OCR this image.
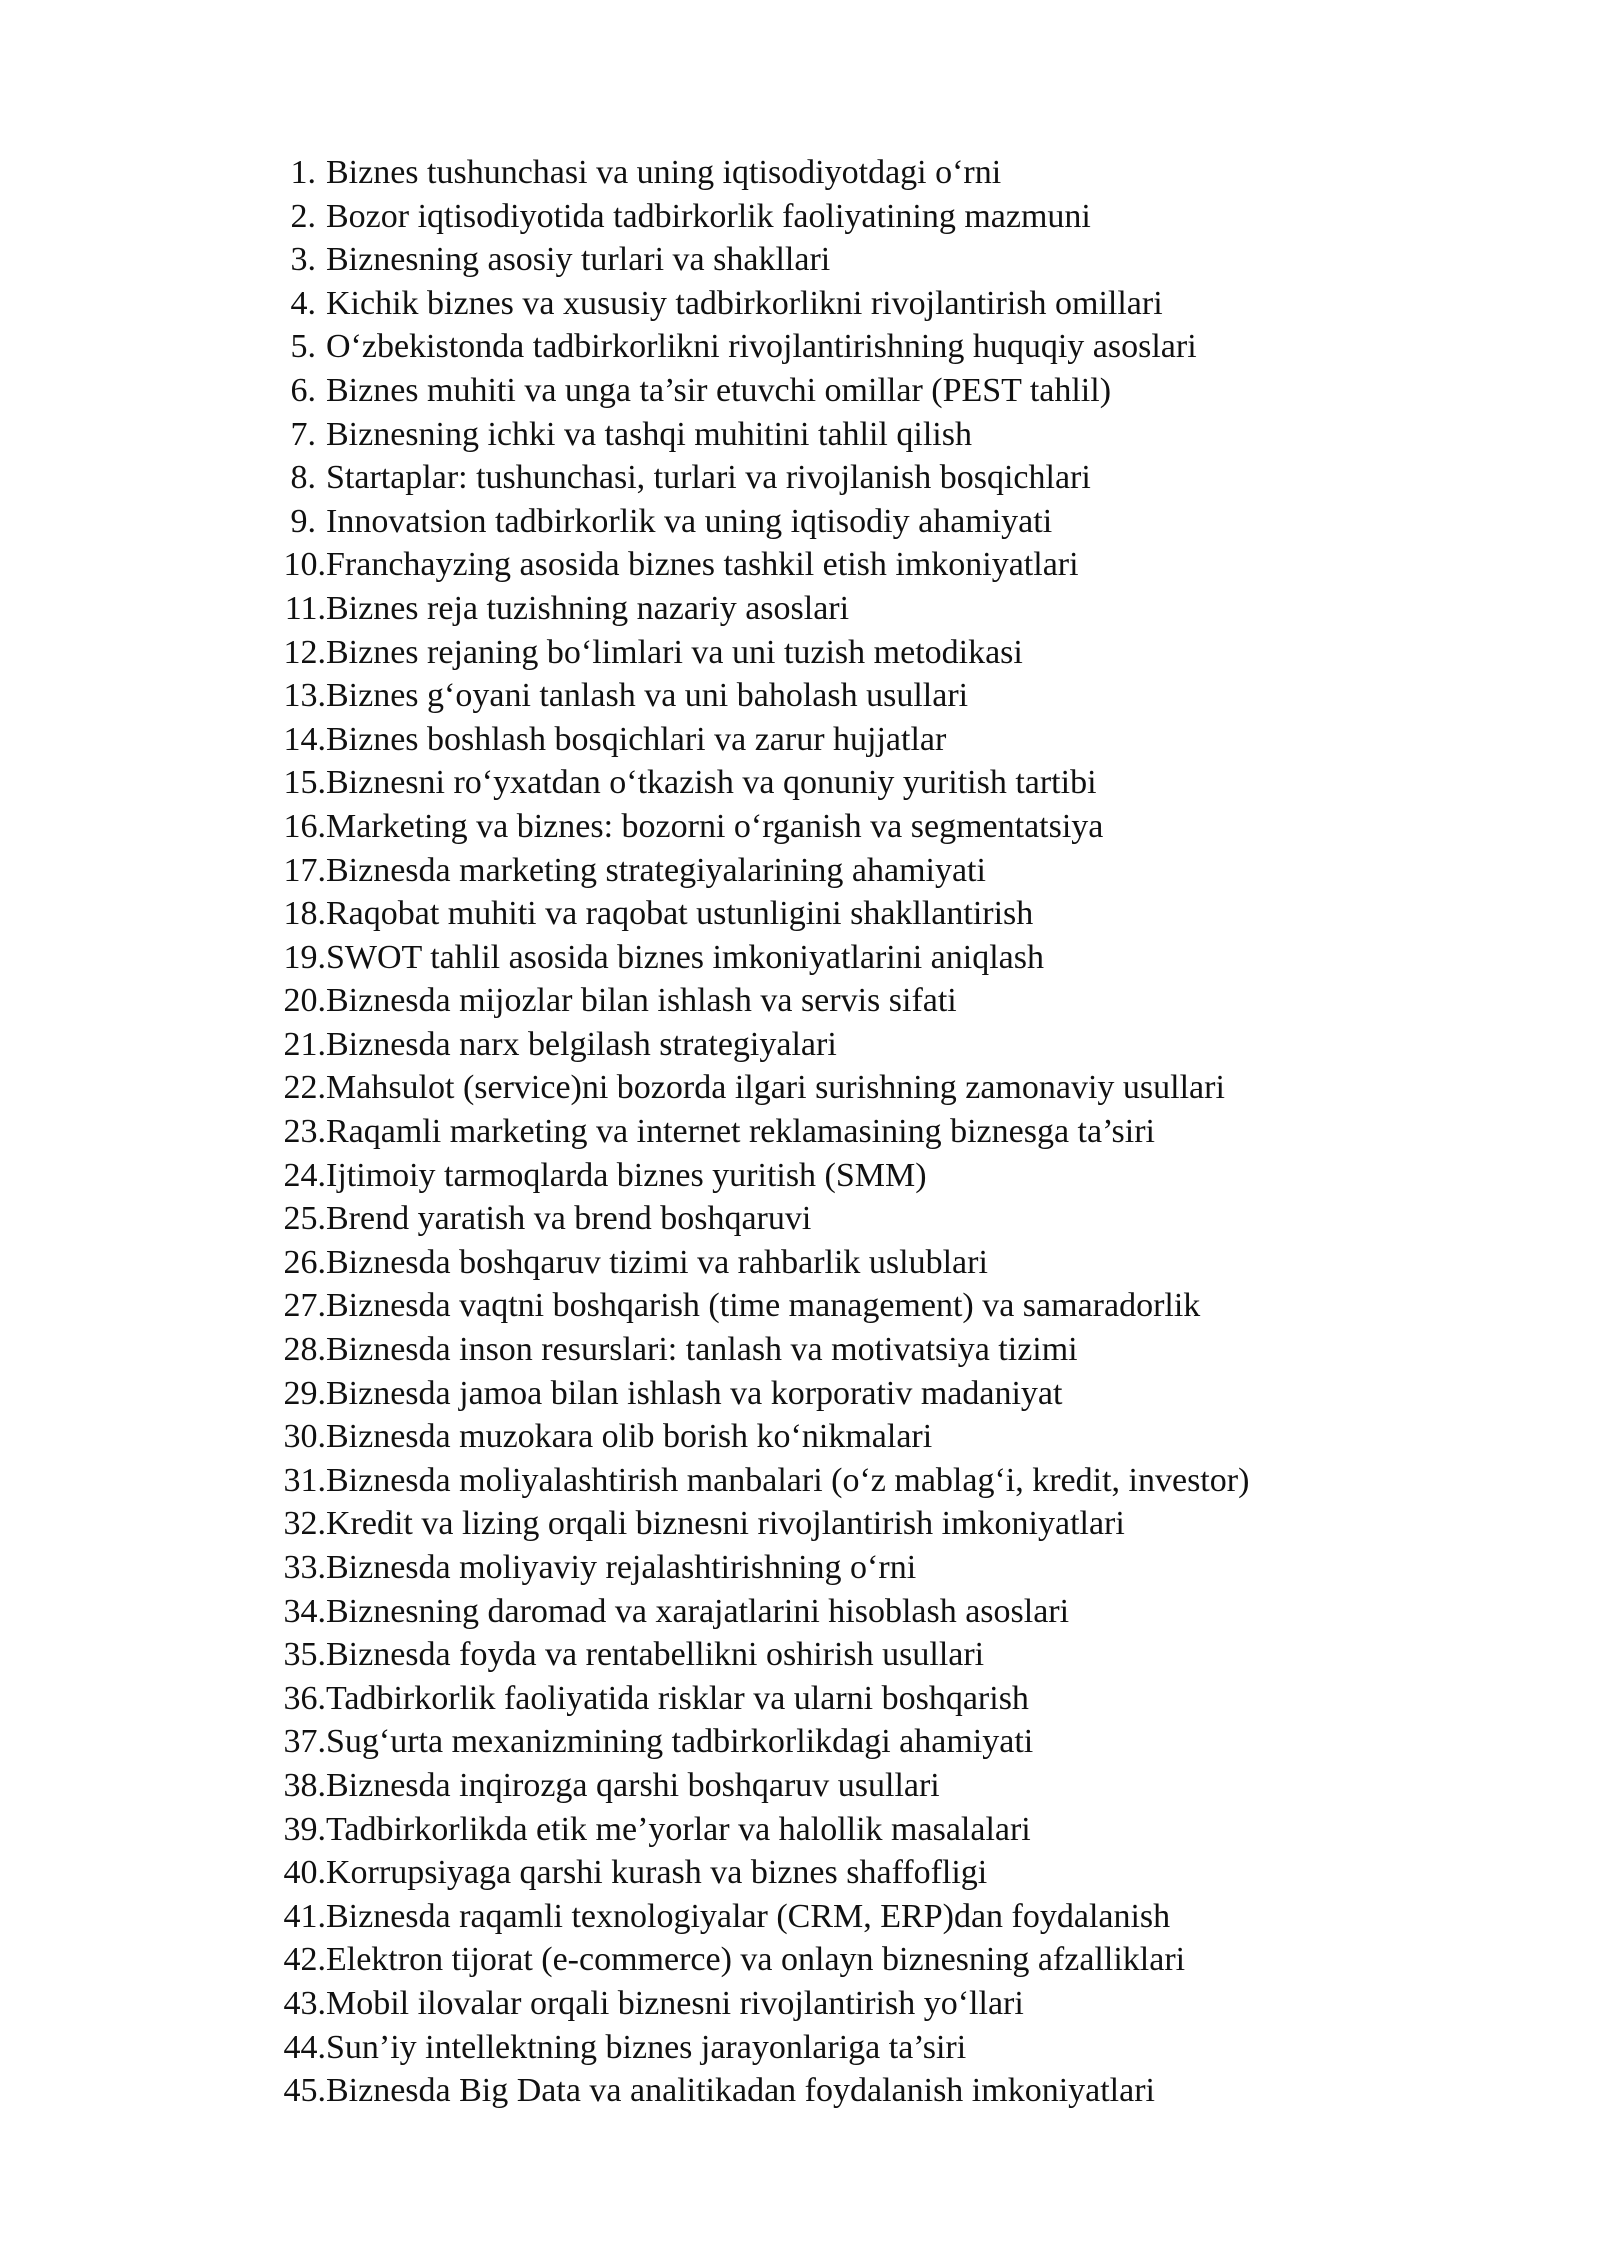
1. Biznes tushunchasi va uning iqtisodiyotdagi o‘rni
2. Bozor iqtisodiyotida tadbirkorlik faoliyatining mazmuni
3. Biznesning asosiy turlari va shakllari
4. Kichik biznes va xususiy tadbirkorlikni rivojlantirish omillari
5. O‘zbekistonda tadbirkorlikni rivojlantirishning huquqiy asoslari
6. Biznes muhiti va unga ta’sir etuvchi omillar (PEST tahlil)
7. Biznesning ichki va tashqi muhitini tahlil qilish
8. Startaplar: tushunchasi, turlari va rivojlanish bosqichlari
9. Innovatsion tadbirkorlik va uning iqtisodiy ahamiyati
10. Franchayzing asosida biznes tashkil etish imkoniyatlari
11. Biznes reja tuzishning nazariy asoslari
12. Biznes rejaning bo‘limlari va uni tuzish metodikasi
13. Biznes g‘oyani tanlash va uni baholash usullari
14. Biznes boshlash bosqichlari va zarur hujjatlar
15. Biznesni ro‘yxatdan o‘tkazish va qonuniy yuritish tartibi
16. Marketing va biznes: bozorni o‘rganish va segmentatsiya
17. Biznesda marketing strategiyalarining ahamiyati
18. Raqobat muhiti va raqobat ustunligini shakllantirish
19. SWOT tahlil asosida biznes imkoniyatlarini aniqlash
20. Biznesda mijozlar bilan ishlash va servis sifati
21. Biznesda narx belgilash strategiyalari
22. Mahsulot (service)ni bozorda ilgari surishning zamonaviy usullari
23. Raqamli marketing va internet reklamasining biznesga ta’siri
24. Ijtimoiy tarmoqlarda biznes yuritish (SMM)
25. Brend yaratish va brend boshqaruvi
26. Biznesda boshqaruv tizimi va rahbarlik uslublari
27. Biznesda vaqtni boshqarish (time management) va samaradorlik
28. Biznesda inson resurslari: tanlash va motivatsiya tizimi
29. Biznesda jamoa bilan ishlash va korporativ madaniyat
30. Biznesda muzokara olib borish ko‘nikmalari
31. Biznesda moliyalashtirish manbalari (o‘z mablag‘i, kredit, investor)
32. Kredit va lizing orqali biznesni rivojlantirish imkoniyatlari
33. Biznesda moliyaviy rejalashtirishning o‘rni
34. Biznesning daromad va xarajatlarini hisoblash asoslari
35. Biznesda foyda va rentabellikni oshirish usullari
36. Tadbirkorlik faoliyatida risklar va ularni boshqarish
37. Sug‘urta mexanizmining tadbirkorlikdagi ahamiyati
38. Biznesda inqirozga qarshi boshqaruv usullari
39. Tadbirkorlikda etik me’yorlar va halollik masalalari
40. Korrupsiyaga qarshi kurash va biznes shaffofligi
41. Biznesda raqamli texnologiyalar (CRM, ERP)dan foydalanish
42. Elektron tijorat (e-commerce) va onlayn biznesning afzalliklari
43. Mobil ilovalar orqali biznesni rivojlantirish yo‘llari
44. Sun’iy intellektning biznes jarayonlariga ta’siri
45. Biznesda Big Data va analitikadan foydalanish imkoniyatlari
